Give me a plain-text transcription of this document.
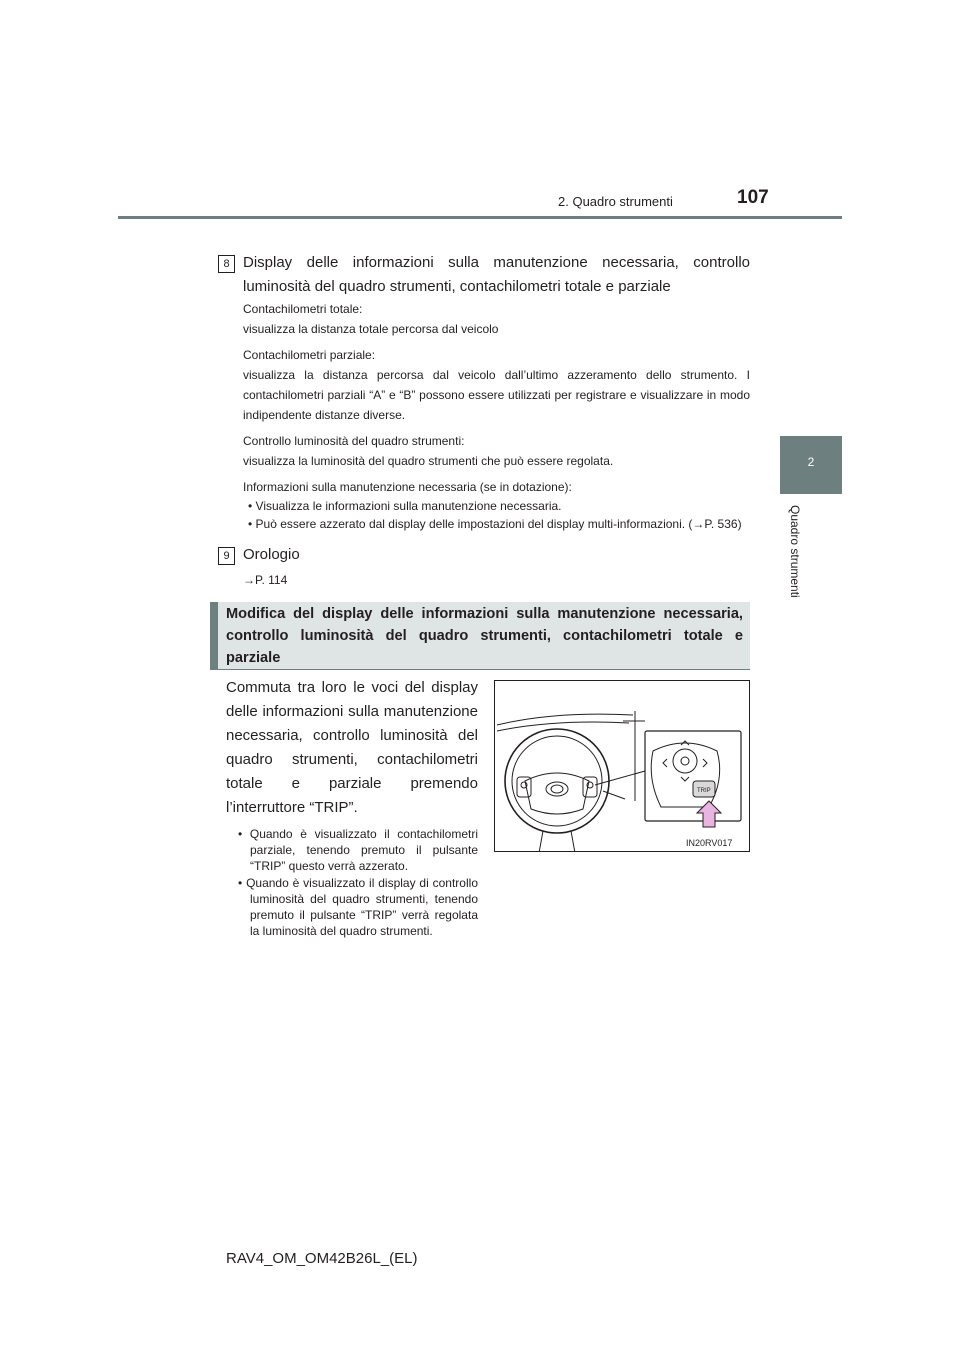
2. Quadro strumenti	107
2
Quadro strumenti
8 Display delle informazioni sulla manutenzione necessaria, controllo luminosità del quadro strumenti, contachilometri totale e parziale
Contachilometri totale:
visualizza la distanza totale percorsa dal veicolo
Contachilometri parziale:
visualizza la distanza percorsa dal veicolo dall’ultimo azzeramento dello strumento. I contachilometri parziali “A” e “B” possono essere utilizzati per registrare e visualizzare in modo indipendente distanze diverse.
Controllo luminosità del quadro strumenti:
visualizza la luminosità del quadro strumenti che può essere regolata.
Informazioni sulla manutenzione necessaria (se in dotazione):
• Visualizza le informazioni sulla manutenzione necessaria.
• Può essere azzerato dal display delle impostazioni del display multi-informazioni. (→P. 536)
9 Orologio
→P. 114
Modifica del display delle informazioni sulla manutenzione necessaria, controllo luminosità del quadro strumenti, contachilometri totale e parziale
Commuta tra loro le voci del display delle informazioni sulla manutenzione necessaria, controllo luminosità del quadro strumenti, contachilometri totale e parziale premendo l’interruttore “TRIP”.
• Quando è visualizzato il contachilometri parziale, tenendo premuto il pulsante “TRIP” questo verrà azzerato.
• Quando è visualizzato il display di controllo luminosità del quadro strumenti, tenendo premuto il pulsante “TRIP” verrà regolata la luminosità del quadro strumenti.
TRIP
IN20RV017
RAV4_OM_OM42B26L_(EL)
